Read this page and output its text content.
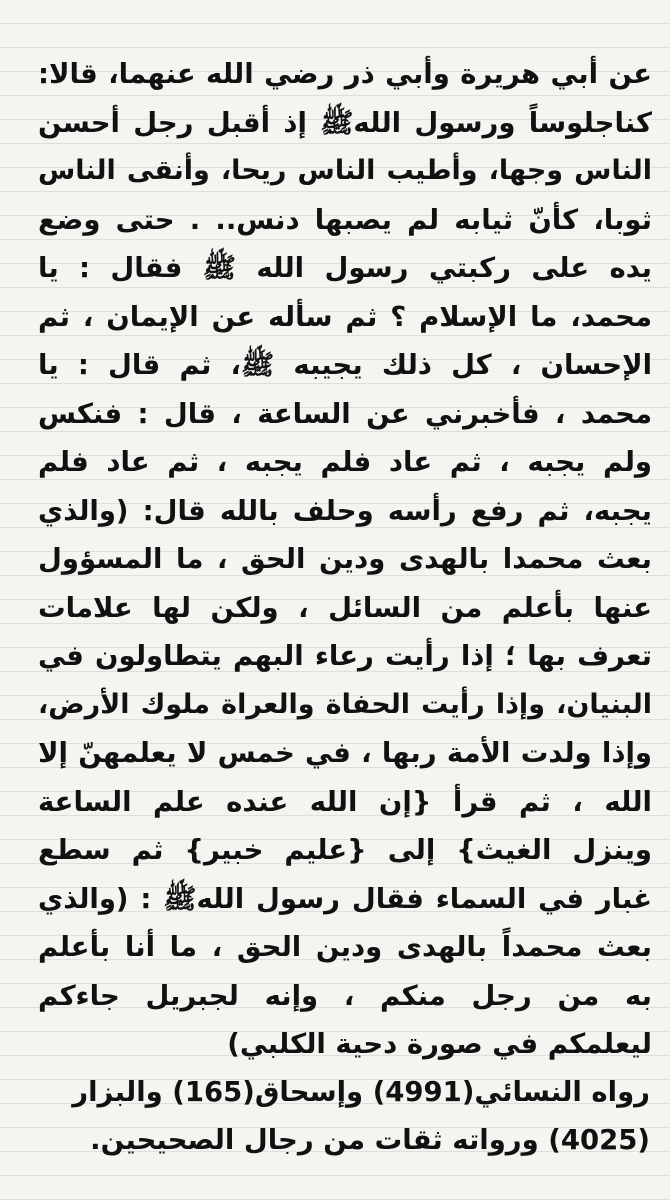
عن أبي هريرة وأبي ذر رضي الله عنهما، قالا:
كناجلوساً ورسول اللهﷺ إذ أقبل رجل أحسن
الناس وجها، وأطيب الناس ريحا، وأنقى الناس
ثوبا، كأنّ ثيابه لم يصبها دنس.. . حتى وضع
يده على ركبتي رسول الله ﷺ فقال : يا
محمد، ما الإسلام ؟ ثم سأله عن الإيمان ، ثم
الإحسان ، كل ذلك يجيبه ﷺ، ثم قال : يا
محمد ، فأخبرني عن الساعة ، قال : فنكس
ولم يجبه ، ثم عاد فلم يجبه ، ثم عاد فلم
يجبه، ثم رفع رأسه وحلف بالله قال: (والذي
بعث محمدا بالهدى ودين الحق ، ما المسؤول
عنها بأعلم من السائل ، ولكن لها علامات
تعرف بها ؛ إذا رأيت رعاء البهم يتطاولون في
البنيان، وإذا رأيت الحفاة والعراة ملوك الأرض،
وإذا ولدت الأمة ربها ، في خمس لا يعلمهنّ إلا
الله ، ثم قرأ {إن الله عنده علم الساعة
وينزل الغيث} إلى {عليم خبير} ثم سطع
غبار في السماء فقال رسول اللهﷺ : (والذي
بعث محمداً بالهدى ودين الحق ، ما أنا بأعلم
به من رجل منكم ، وإنه لجبريل جاءكم
ليعلمكم في صورة دحية الكلبي)
رواه النسائي(4991) وإسحاق(165) والبزار
(4025) ورواته ثقات من رجال الصحيحين.
